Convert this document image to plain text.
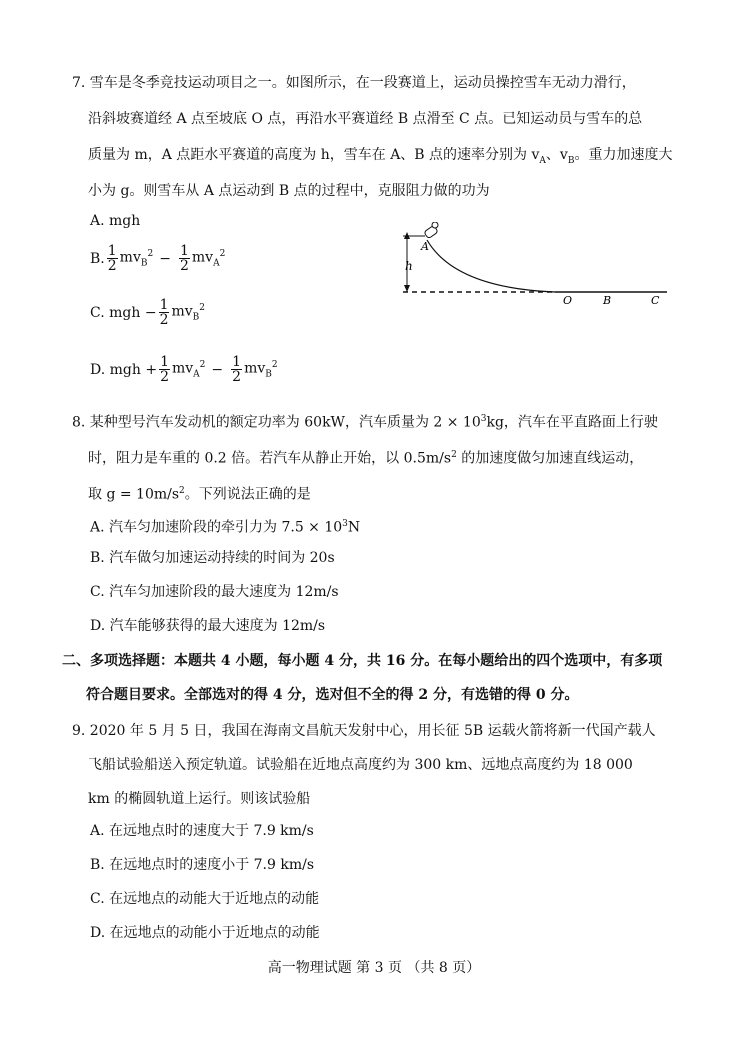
7. 雪车是冬季竞技运动项目之一。如图所示，在一段赛道上，运动员操控雪车无动力滑行，
沿斜坡赛道经 A 点至坡底 O 点，再沿水平赛道经 B 点滑至 C 点。已知运动员与雪车的总
质量为 m，A 点距水平赛道的高度为 h，雪车在 A、B 点的速率分别为 $v_A$、$v_B$。重力加速度大
小为 g。则雪车从 A 点运动到 B 点的过程中，克服阻力做的功为
A. mgh
B. $\frac{1}{2} mv_B^2 - \frac{1}{2} mv_A^2$
C. mgh − $\frac{1}{2} mv_B^2$
D. mgh + $\frac{1}{2} mv_A^2 - \frac{1}{2} mv_B^2$
h
A
O	B	C
8. 某种型号汽车发动机的额定功率为 60kW，汽车质量为 $2 \times 10^3kg$，汽车在平直路面上行驶
时，阻力是车重的 0.2 倍。若汽车从静止开始，以 $0.5m/s^2$ 的加速度做匀加速直线运动，
取 $g = 10m/s^2$。下列说法正确的是
A. 汽车匀加速阶段的牵引力为 $7.5 \times 10^3N$
B. 汽车做匀加速运动持续的时间为 20s
C. 汽车匀加速阶段的最大速度为 12m/s
D. 汽车能够获得的最大速度为 12m/s
二、多项选择题：本题共 4 小题，每小题 4 分，共 16 分。在每小题给出的四个选项中，有多项
符合题目要求。全部选对的得 4 分，选对但不全的得 2 分，有选错的得 0 分。
9. 2020 年 5 月 5 日，我国在海南文昌航天发射中心，用长征 5B 运载火箭将新一代国产载人
飞船试验船送入预定轨道。试验船在近地点高度约为 300 km、远地点高度约为 18 000
km 的椭圆轨道上运行。则该试验船
A. 在远地点时的速度大于 7.9 km/s
B. 在远地点时的速度小于 7.9 km/s
C. 在远地点的动能大于近地点的动能
D. 在远地点的动能小于近地点的动能
高一物理试题 第 3 页 （共 8 页）
